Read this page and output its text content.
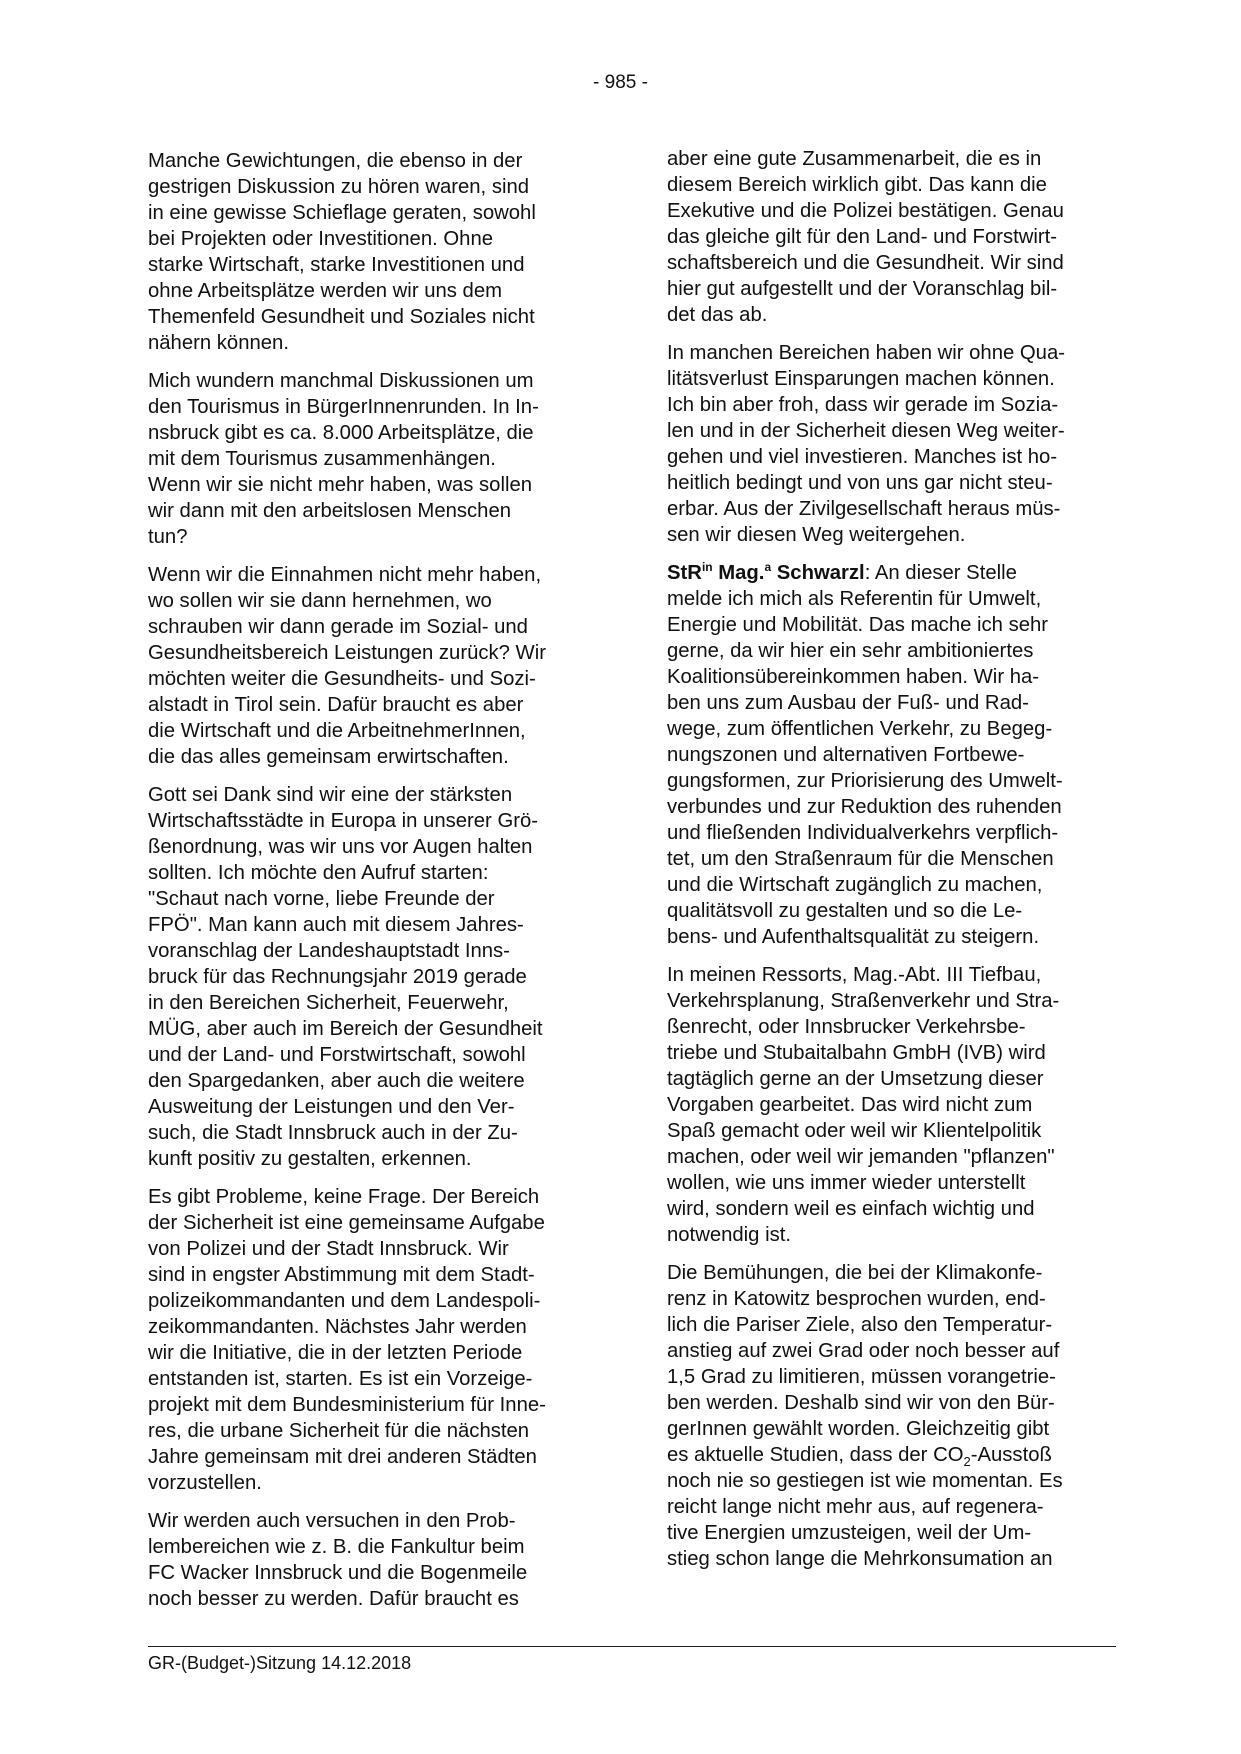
- 985 -

Manche Gewichtungen, die ebenso in der
gestrigen Diskussion zu hören waren, sind
in eine gewisse Schieflage geraten, sowohl
bei Projekten oder Investitionen. Ohne
starke Wirtschaft, starke Investitionen und
ohne Arbeitsplätze werden wir uns dem
Themenfeld Gesundheit und Soziales nicht
nähern können.

Mich wundern manchmal Diskussionen um
den Tourismus in BürgerInnenrunden. In In-
nsbruck gibt es ca. 8.000 Arbeitsplätze, die
mit dem Tourismus zusammenhängen.
Wenn wir sie nicht mehr haben, was sollen
wir dann mit den arbeitslosen Menschen
tun?

Wenn wir die Einnahmen nicht mehr haben,
wo sollen wir sie dann hernehmen, wo
schrauben wir dann gerade im Sozial- und
Gesundheitsbereich Leistungen zurück? Wir
möchten weiter die Gesundheits- und Sozi-
alstadt in Tirol sein. Dafür braucht es aber
die Wirtschaft und die ArbeitnehmerInnen,
die das alles gemeinsam erwirtschaften.

Gott sei Dank sind wir eine der stärksten
Wirtschaftsstädte in Europa in unserer Grö-
ßenordnung, was wir uns vor Augen halten
sollten. Ich möchte den Aufruf starten:
"Schaut nach vorne, liebe Freunde der
FPÖ". Man kann auch mit diesem Jahres-
voranschlag der Landeshauptstadt Inns-
bruck für das Rechnungsjahr 2019 gerade
in den Bereichen Sicherheit, Feuerwehr,
MÜG, aber auch im Bereich der Gesundheit
und der Land- und Forstwirtschaft, sowohl
den Spargedanken, aber auch die weitere
Ausweitung der Leistungen und den Ver-
such, die Stadt Innsbruck auch in der Zu-
kunft positiv zu gestalten, erkennen.

Es gibt Probleme, keine Frage. Der Bereich
der Sicherheit ist eine gemeinsame Aufgabe
von Polizei und der Stadt Innsbruck. Wir
sind in engster Abstimmung mit dem Stadt-
polizeikommandanten und dem Landespoli-
zeikommandanten. Nächstes Jahr werden
wir die Initiative, die in der letzten Periode
entstanden ist, starten. Es ist ein Vorzeige-
projekt mit dem Bundesministerium für Inne-
res, die urbane Sicherheit für die nächsten
Jahre gemeinsam mit drei anderen Städten
vorzustellen.

Wir werden auch versuchen in den Prob-
lembereichen wie z. B. die Fankultur beim
FC Wacker Innsbruck und die Bogenmeile
noch besser zu werden. Dafür braucht es

aber eine gute Zusammenarbeit, die es in
diesem Bereich wirklich gibt. Das kann die
Exekutive und die Polizei bestätigen. Genau
das gleiche gilt für den Land- und Forstwirt-
schaftsbereich und die Gesundheit. Wir sind
hier gut aufgestellt und der Voranschlag bil-
det das ab.

In manchen Bereichen haben wir ohne Qua-
litätsverlust Einsparungen machen können.
Ich bin aber froh, dass wir gerade im Sozia-
len und in der Sicherheit diesen Weg weiter-
gehen und viel investieren. Manches ist ho-
heitlich bedingt und von uns gar nicht steu-
erbar. Aus der Zivilgesellschaft heraus müs-
sen wir diesen Weg weitergehen.

StR$^{in}$ Mag.$^a$ Schwarzl: An dieser Stelle
melde ich mich als Referentin für Umwelt,
Energie und Mobilität. Das mache ich sehr
gerne, da wir hier ein sehr ambitioniertes
Koalitionsübereinkommen haben. Wir ha-
ben uns zum Ausbau der Fuß- und Rad-
wege, zum öffentlichen Verkehr, zu Begeg-
nungszonen und alternativen Fortbewe-
gungsformen, zur Priorisierung des Umwelt-
verbundes und zur Reduktion des ruhenden
und fließenden Individualverkehrs verpflich-
tet, um den Straßenraum für die Menschen
und die Wirtschaft zugänglich zu machen,
qualitätsvoll zu gestalten und so die Le-
bens- und Aufenthaltsqualität zu steigern.

In meinen Ressorts, Mag.-Abt. III Tiefbau,
Verkehrsplanung, Straßenverkehr und Stra-
ßenrecht, oder Innsbrucker Verkehrsbe-
triebe und Stubaitalbahn GmbH (IVB) wird
tagtäglich gerne an der Umsetzung dieser
Vorgaben gearbeitet. Das wird nicht zum
Spaß gemacht oder weil wir Klientelpolitik
machen, oder weil wir jemanden "pflanzen"
wollen, wie uns immer wieder unterstellt
wird, sondern weil es einfach wichtig und
notwendig ist.

Die Bemühungen, die bei der Klimakonfe-
renz in Katowitz besprochen wurden, end-
lich die Pariser Ziele, also den Temperatur-
anstieg auf zwei Grad oder noch besser auf
1,5 Grad zu limitieren, müssen vorangetrie-
ben werden. Deshalb sind wir von den Bür-
gerInnen gewählt worden. Gleichzeitig gibt
es aktuelle Studien, dass der $CO_2$-Ausstoß
noch nie so gestiegen ist wie momentan. Es
reicht lange nicht mehr aus, auf regenera-
tive Energien umzusteigen, weil der Um-
stieg schon lange die Mehrkonsumation an

GR-(Budget-)Sitzung 14.12.2018
